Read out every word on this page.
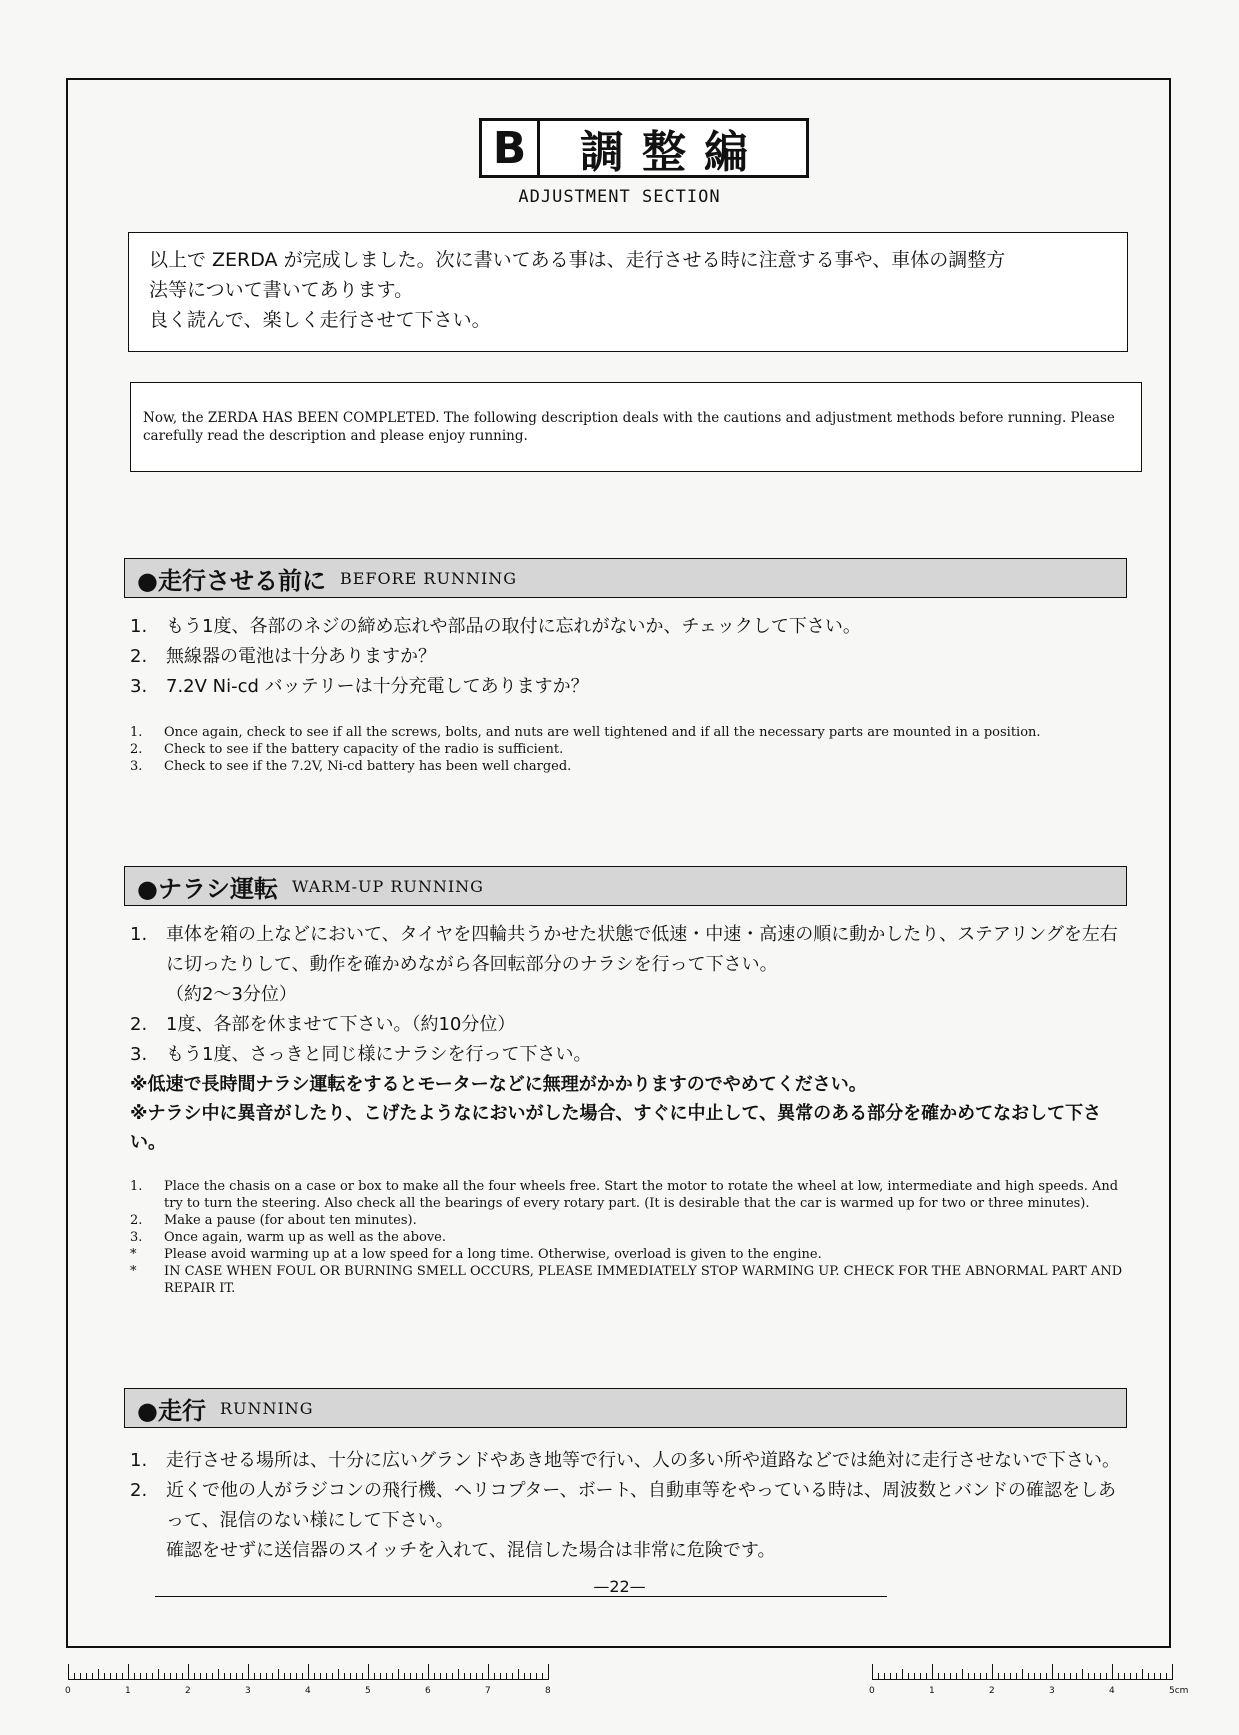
B	調整編
ADJUSTMENT SECTION
以上で ZERDA が完成しました。次に書いてある事は、走行させる時に注意する事や、車体の調整方
法等について書いてあります。
良く読んで、楽しく走行させて下さい。
Now, the ZERDA HAS BEEN COMPLETED. The following description deals with the cautions and adjustment methods before running. Please carefully read the description and please enjoy running.
●走行させる前に BEFORE RUNNING
1.	もう1度、各部のネジの締め忘れや部品の取付に忘れがないか、チェックして下さい。
2.	無線器の電池は十分ありますか？
3.	7.2V Ni-cd バッテリーは十分充電してありますか？
1.	Once again, check to see if all the screws, bolts, and nuts are well tightened and if all the necessary parts are mounted in a position.
2.	Check to see if the battery capacity of the radio is sufficient.
3.	Check to see if the 7.2V, Ni-cd battery has been well charged.
●ナラシ運転 WARM-UP RUNNING
1.	車体を箱の上などにおいて、タイヤを四輪共うかせた状態で低速・中速・高速の順に動かしたり、ステアリングを左右に切ったりして、動作を確かめながら各回転部分のナラシを行って下さい。
（約2～3分位）
2.	1度、各部を休ませて下さい。（約10分位）
3.	もう1度、さっきと同じ様にナラシを行って下さい。
※低速で長時間ナラシ運転をするとモーターなどに無理がかかりますのでやめてください。
※ナラシ中に異音がしたり、こげたようなにおいがした場合、すぐに中止して、異常のある部分を確かめてなおして下さい。
1.	Place the chasis on a case or box to make all the four wheels free. Start the motor to rotate the wheel at low, intermediate and high speeds. And try to turn the steering. Also check all the bearings of every rotary part. (It is desirable that the car is warmed up for two or three minutes).
2.	Make a pause (for about ten minutes).
3.	Once again, warm up as well as the above.
*	Please avoid warming up at a low speed for a long time. Otherwise, overload is given to the engine.
*	IN CASE WHEN FOUL OR BURNING SMELL OCCURS, PLEASE IMMEDIATELY STOP WARMING UP. CHECK FOR THE ABNORMAL PART AND REPAIR IT.
●走行 RUNNING
1.	走行させる場所は、十分に広いグランドやあき地等で行い、人の多い所や道路などでは絶対に走行させないで下さい。
2.	近くで他の人がラジコンの飛行機、ヘリコプター、ボート、自動車等をやっている時は、周波数とバンドの確認をしあって、混信のない様にして下さい。
確認をせずに送信器のスイッチを入れて、混信した場合は非常に危険です。
—22—
0	1	2	3	4	5	6	7	8	0	1	2	3	4	5cm
